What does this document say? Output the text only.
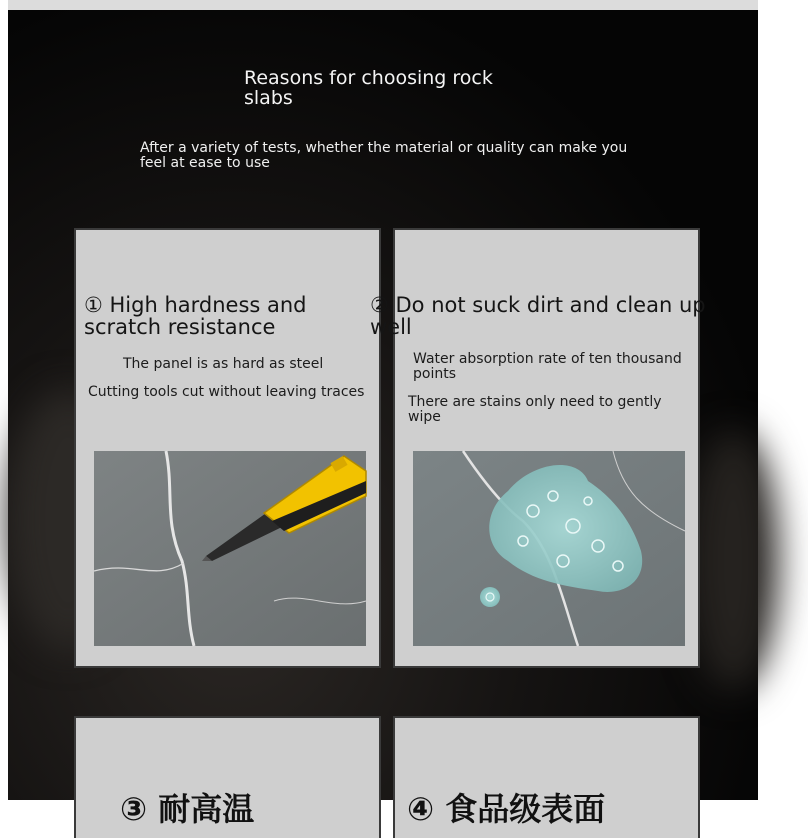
Reasons for choosing rock slabs
After a variety of tests, whether the material or quality can make you feel at ease to use
① High hardness and scratch resistance
The panel is as hard as steel
Cutting tools cut without leaving traces
② Do not suck dirt and clean up well
Water absorption rate of ten thousand points
There are stains only need to gently wipe
③ 耐高温	④ 食品级表面
